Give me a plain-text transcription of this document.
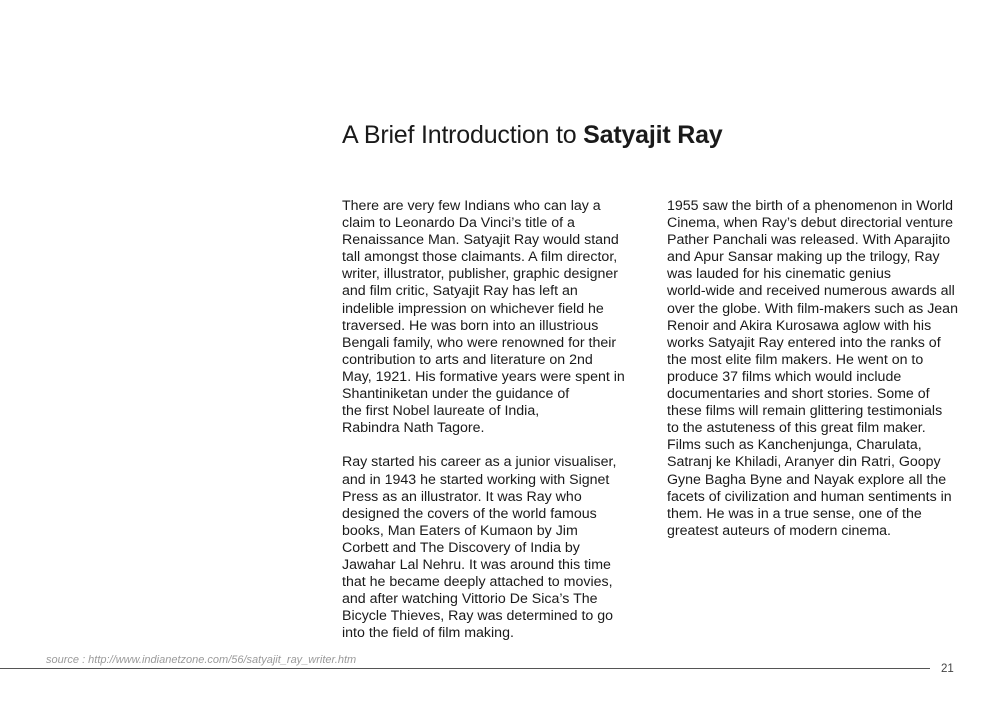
A Brief Introduction to Satyajit Ray

There are very few Indians who can lay a
claim to Leonardo Da Vinci’s title of a
Renaissance Man. Satyajit Ray would stand
tall amongst those claimants. A film director,
writer, illustrator, publisher, graphic designer
and film critic, Satyajit Ray has left an
indelible impression on whichever field he
traversed. He was born into an illustrious
Bengali family, who were renowned for their
contribution to arts and literature on 2nd
May, 1921. His formative years were spent in
Shantiniketan under the guidance of
the first Nobel laureate of India,
Rabindra Nath Tagore.

Ray started his career as a junior visualiser,
and in 1943 he started working with Signet
Press as an illustrator. It was Ray who
designed the covers of the world famous
books, Man Eaters of Kumaon by Jim
Corbett and The Discovery of India by
Jawahar Lal Nehru. It was around this time
that he became deeply attached to movies,
and after watching Vittorio De Sica’s The
Bicycle Thieves, Ray was determined to go
into the field of film making.

1955 saw the birth of a phenomenon in World
Cinema, when Ray’s debut directorial venture
Pather Panchali was released. With Aparajito
and Apur Sansar making up the trilogy, Ray
was lauded for his cinematic genius
world-wide and received numerous awards all
over the globe. With film-makers such as Jean
Renoir and Akira Kurosawa aglow with his
works Satyajit Ray entered into the ranks of
the most elite film makers. He went on to
produce 37 films which would include
documentaries and short stories. Some of
these films will remain glittering testimonials
to the astuteness of this great film maker.
Films such as Kanchenjunga, Charulata,
Satranj ke Khiladi, Aranyer din Ratri, Goopy
Gyne Bagha Byne and Nayak explore all the
facets of civilization and human sentiments in
them. He was in a true sense, one of the
greatest auteurs of modern cinema.

source : http://www.indianetzone.com/56/satyajit_ray_writer.htm
21
